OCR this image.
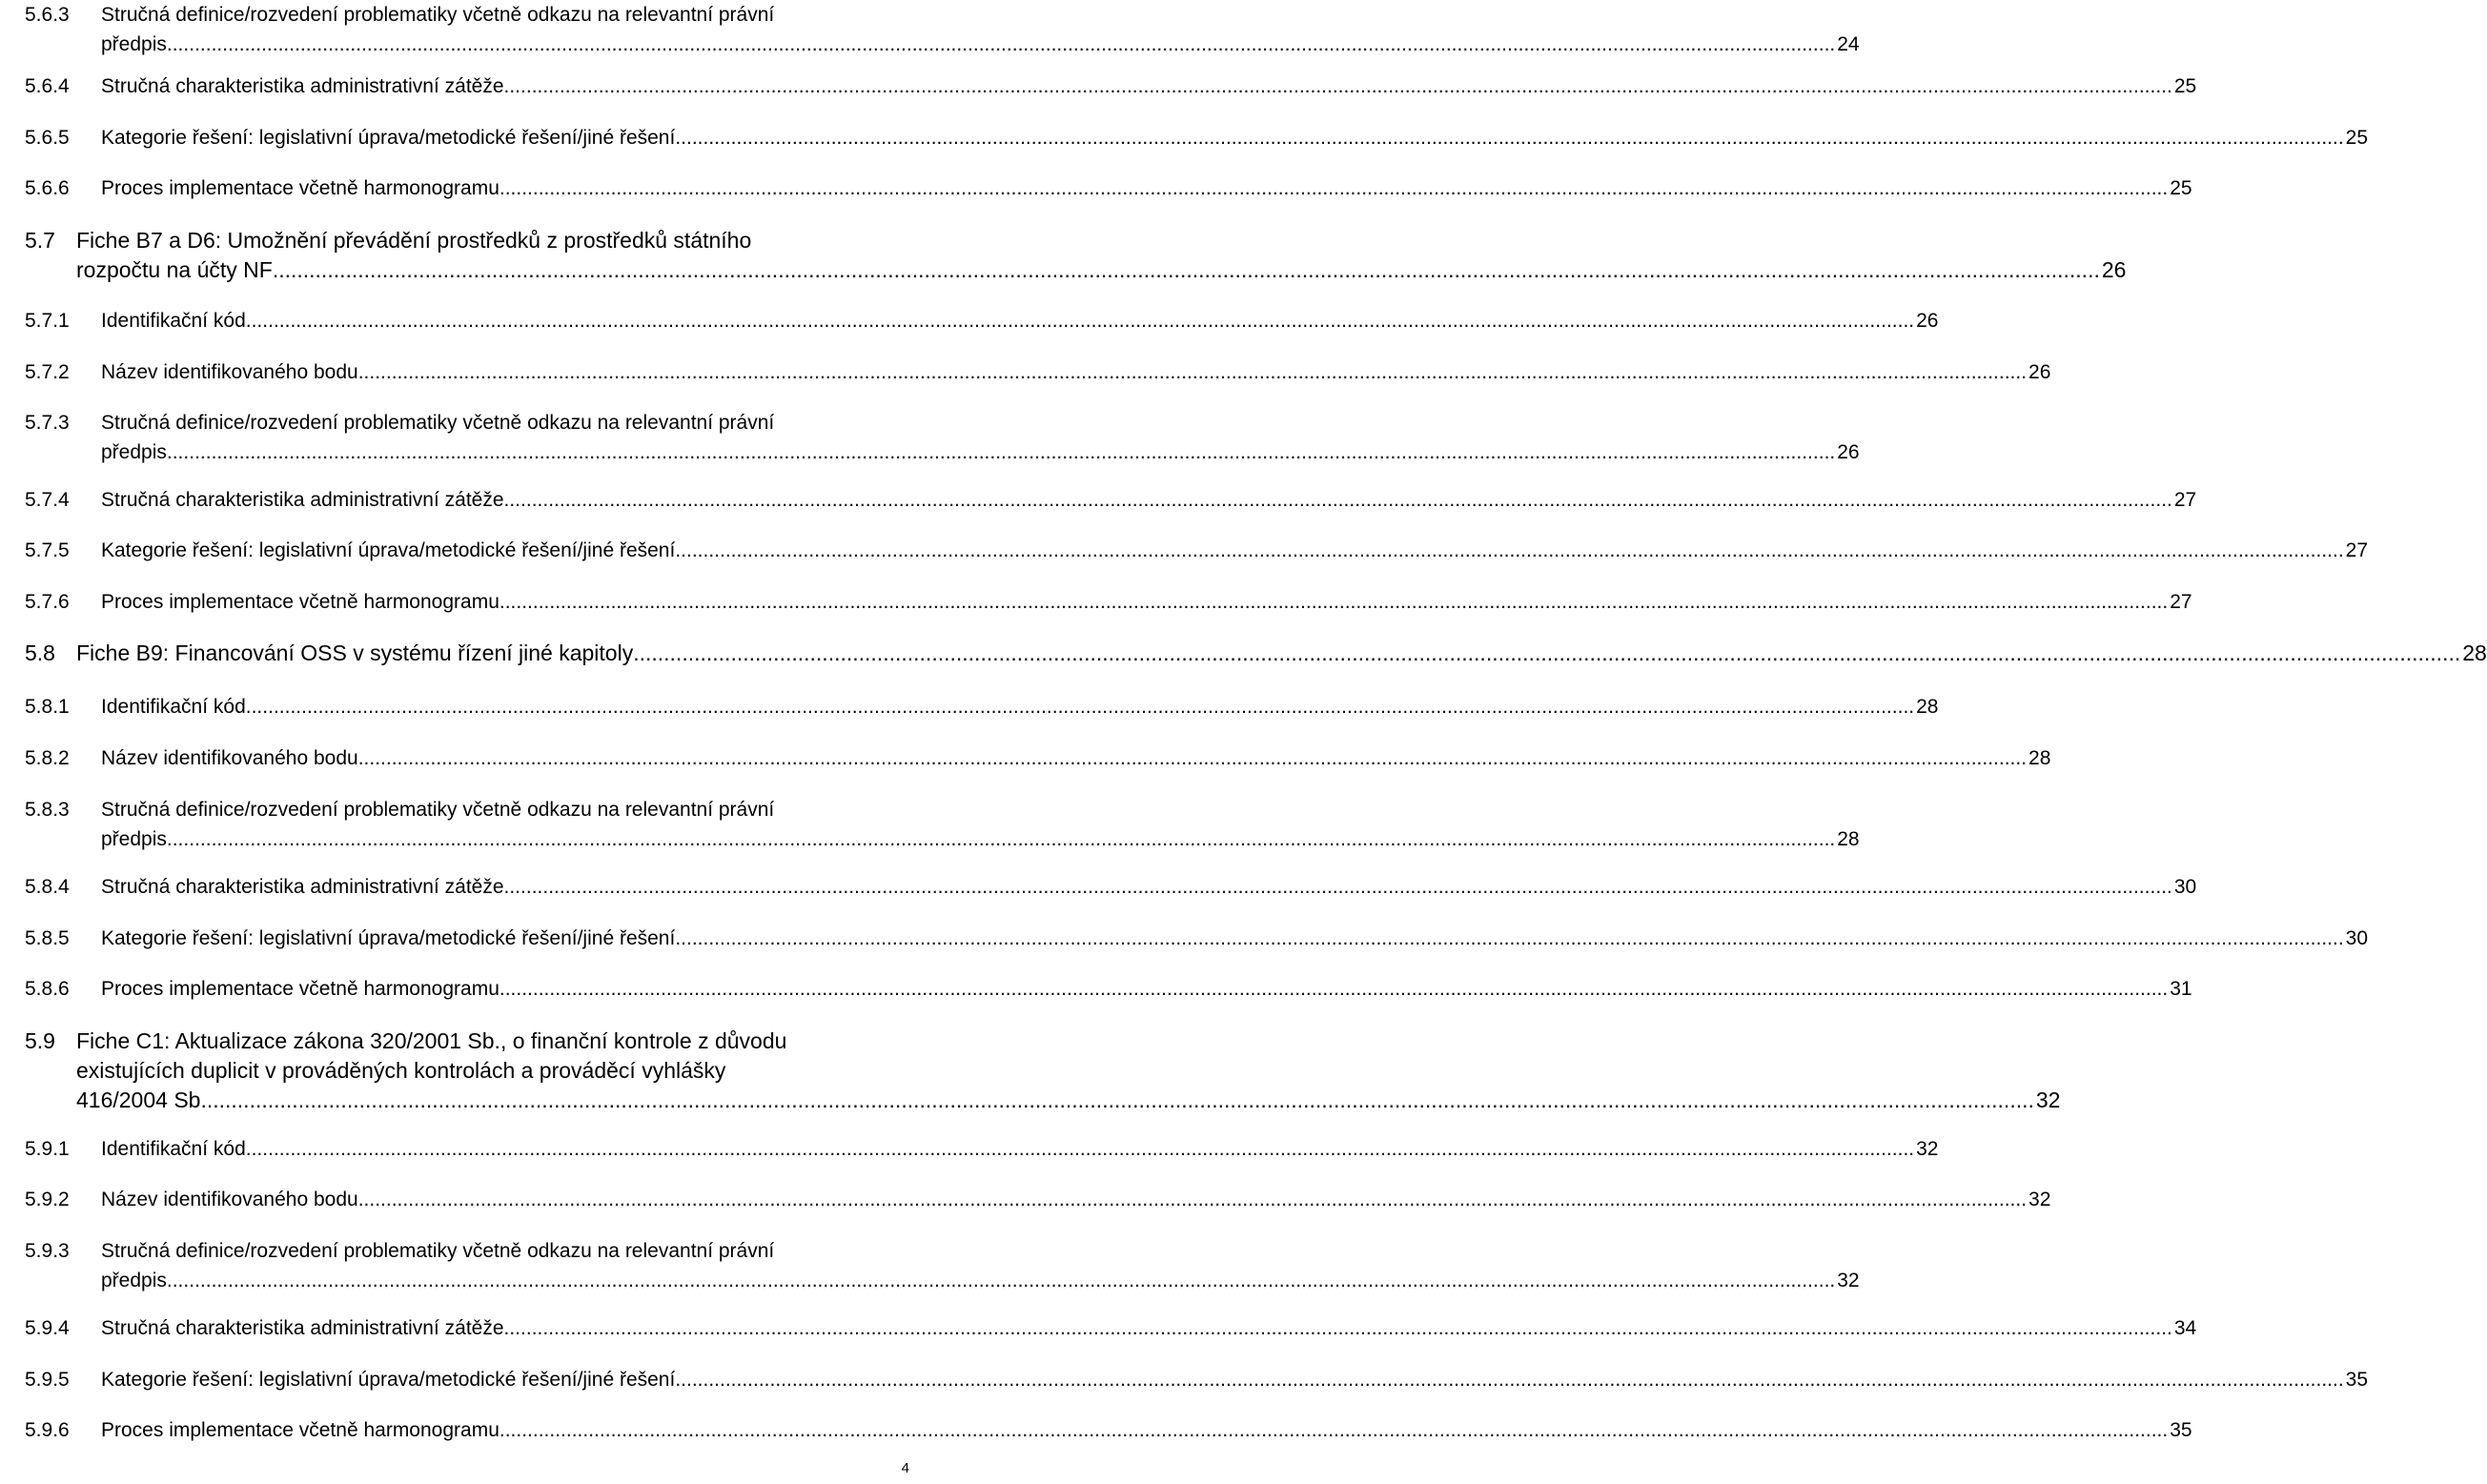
5.6.3 Stručná definice/rozvedení problematiky včetně odkazu na relevantní právní
předpis ............................................................................................................................................................................................................................................................................................................ 24
5.6.4 Stručná charakteristika administrativní zátěže ............................................................................................................................................................................................................................................................................................................ 25
5.6.5 Kategorie řešení: legislativní úprava/metodické řešení/jiné řešení ............................................................................................................................................................................................................................................................................................................ 25
5.6.6 Proces implementace včetně harmonogramu ............................................................................................................................................................................................................................................................................................................ 25
5.7 Fiche B7 a D6: Umožnění převádění prostředků z prostředků státního
rozpočtu na účty NF ............................................................................................................................................................................................................................................................................................................ 26
5.7.1 Identifikační kód ............................................................................................................................................................................................................................................................................................................ 26
5.7.2 Název identifikovaného bodu ............................................................................................................................................................................................................................................................................................................ 26
5.7.3 Stručná definice/rozvedení problematiky včetně odkazu na relevantní právní
předpis ............................................................................................................................................................................................................................................................................................................ 26
5.7.4 Stručná charakteristika administrativní zátěže ............................................................................................................................................................................................................................................................................................................ 27
5.7.5 Kategorie řešení: legislativní úprava/metodické řešení/jiné řešení ............................................................................................................................................................................................................................................................................................................ 27
5.7.6 Proces implementace včetně harmonogramu ............................................................................................................................................................................................................................................................................................................ 27
5.8 Fiche B9: Financování OSS v systému řízení jiné kapitoly ............................................................................................................................................................................................................................................................................................................ 28
5.8.1 Identifikační kód ............................................................................................................................................................................................................................................................................................................ 28
5.8.2 Název identifikovaného bodu ............................................................................................................................................................................................................................................................................................................ 28
5.8.3 Stručná definice/rozvedení problematiky včetně odkazu na relevantní právní
předpis ............................................................................................................................................................................................................................................................................................................ 28
5.8.4 Stručná charakteristika administrativní zátěže ............................................................................................................................................................................................................................................................................................................ 30
5.8.5 Kategorie řešení: legislativní úprava/metodické řešení/jiné řešení ............................................................................................................................................................................................................................................................................................................ 30
5.8.6 Proces implementace včetně harmonogramu ............................................................................................................................................................................................................................................................................................................ 31
5.9 Fiche C1: Aktualizace zákona 320/2001 Sb., o finanční kontrole z důvodu
existujících duplicit v prováděných kontrolách a prováděcí vyhlášky
416/2004 Sb. ............................................................................................................................................................................................................................................................................................................ 32
5.9.1 Identifikační kód ............................................................................................................................................................................................................................................................................................................ 32
5.9.2 Název identifikovaného bodu ............................................................................................................................................................................................................................................................................................................ 32
5.9.3 Stručná definice/rozvedení problematiky včetně odkazu na relevantní právní
předpis ............................................................................................................................................................................................................................................................................................................ 32
5.9.4 Stručná charakteristika administrativní zátěže ............................................................................................................................................................................................................................................................................................................ 34
5.9.5 Kategorie řešení: legislativní úprava/metodické řešení/jiné řešení ............................................................................................................................................................................................................................................................................................................ 35
5.9.6 Proces implementace včetně harmonogramu ............................................................................................................................................................................................................................................................................................................ 35
4
